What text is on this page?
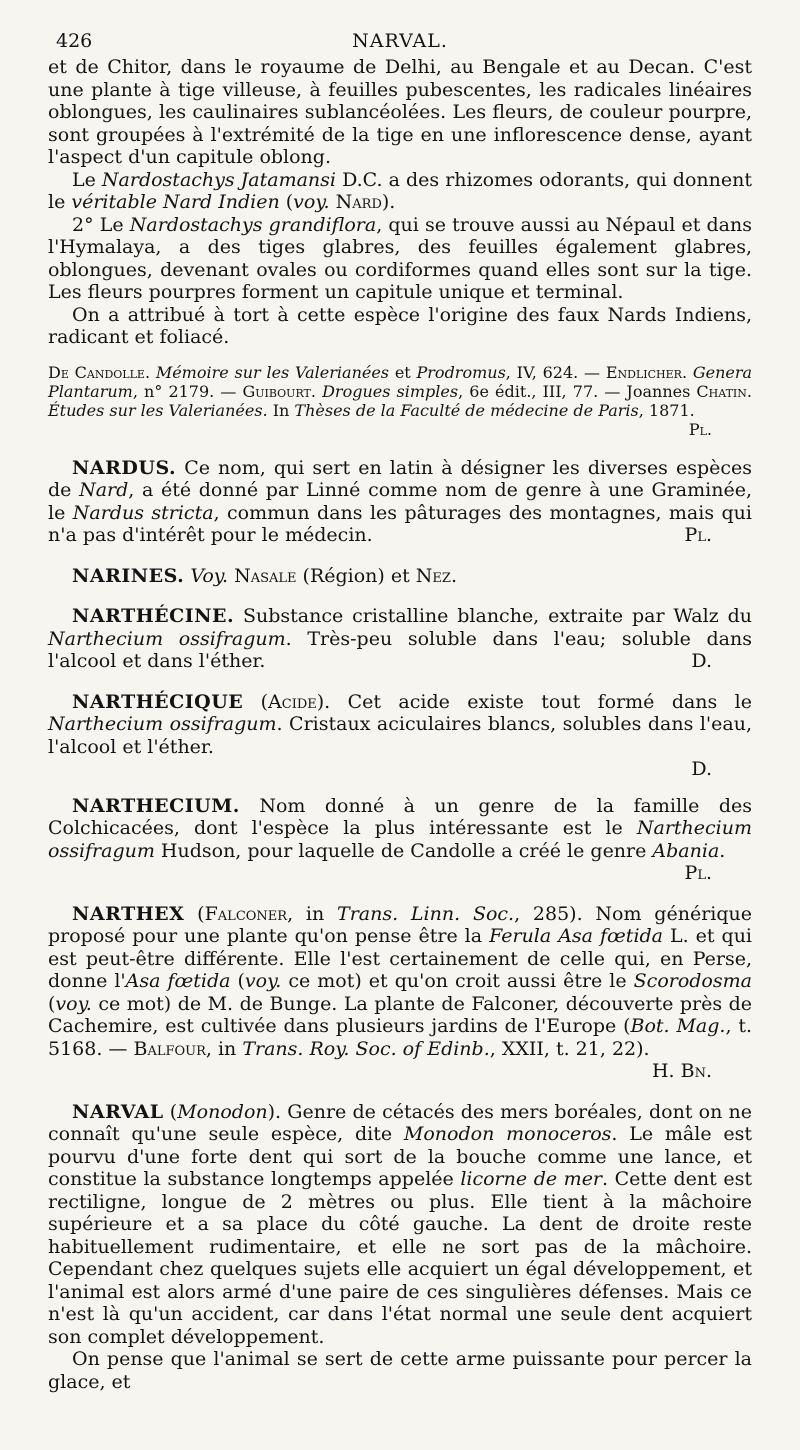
426	NARVAL.

et de Chitor, dans le royaume de Delhi, au Bengale et au Decan. C'est une plante à tige villeuse, à feuilles pubescentes, les radicales linéaires oblongues, les caulinaires sublancéolées. Les fleurs, de couleur pourpre, sont groupées à l'extrémité de la tige en une inflorescence dense, ayant l'aspect d'un capitule oblong.

Le Nardostachys Jatamansi D.C. a des rhizomes odorants, qui donnent le véritable Nard Indien (voy. Nard).

2° Le Nardostachys grandiflora, qui se trouve aussi au Népaul et dans l'Hymalaya, a des tiges glabres, des feuilles également glabres, oblongues, devenant ovales ou cordiformes quand elles sont sur la tige. Les fleurs pourpres forment un capitule unique et terminal.

On a attribué à tort à cette espèce l'origine des faux Nards Indiens, radicant et foliacé.

De Candolle. Mémoire sur les Valerianées et Prodromus, IV, 624. — Endlicher. Genera Plantarum, n° 2179. — Guibourt. Drogues simples, 6e édit., III, 77. — Joannes Chatin. Études sur les Valerianées. In Thèses de la Faculté de médecine de Paris, 1871.
Pl.

NARDUS. Ce nom, qui sert en latin à désigner les diverses espèces de Nard, a été donné par Linné comme nom de genre à une Graminée, le Nardus stricta, commun dans les pâturages des montagnes, mais qui n'a pas d'intérêt pour le médecin.	Pl.

NARINES. Voy. Nasale (Région) et Nez.

NARTHÉCINE. Substance cristalline blanche, extraite par Walz du Narthecium ossifragum. Très-peu soluble dans l'eau; soluble dans l'alcool et dans l'éther.	D.

NARTHÉCIQUE (Acide). Cet acide existe tout formé dans le Narthecium ossifragum. Cristaux aciculaires blancs, solubles dans l'eau, l'alcool et l'éther.

D.

NARTHECIUM. Nom donné à un genre de la famille des Colchicacées, dont l'espèce la plus intéressante est le Narthecium ossifragum Hudson, pour laquelle de Candolle a créé le genre Abania.
Pl.

NARTHEX (Falconer, in Trans. Linn. Soc., 285). Nom générique proposé pour une plante qu'on pense être la Ferula Asa fœtida L. et qui est peut-être différente. Elle l'est certainement de celle qui, en Perse, donne l'Asa fœtida (voy. ce mot) et qu'on croit aussi être le Scorodosma (voy. ce mot) de M. de Bunge. La plante de Falconer, découverte près de Cachemire, est cultivée dans plusieurs jardins de l'Europe (Bot. Mag., t. 5168. — Balfour, in Trans. Roy. Soc. of Edinb., XXII, t. 21, 22).
H. Bn.

NARVAL (Monodon). Genre de cétacés des mers boréales, dont on ne connaît qu'une seule espèce, dite Monodon monoceros. Le mâle est pourvu d'une forte dent qui sort de la bouche comme une lance, et constitue la substance longtemps appelée licorne de mer. Cette dent est rectiligne, longue de 2 mètres ou plus. Elle tient à la mâchoire supérieure et a sa place du côté gauche. La dent de droite reste habituellement rudimentaire, et elle ne sort pas de la mâchoire. Cependant chez quelques sujets elle acquiert un égal développement, et l'animal est alors armé d'une paire de ces singulières défenses. Mais ce n'est là qu'un accident, car dans l'état normal une seule dent acquiert son complet développement.

On pense que l'animal se sert de cette arme puissante pour percer la glace, et
